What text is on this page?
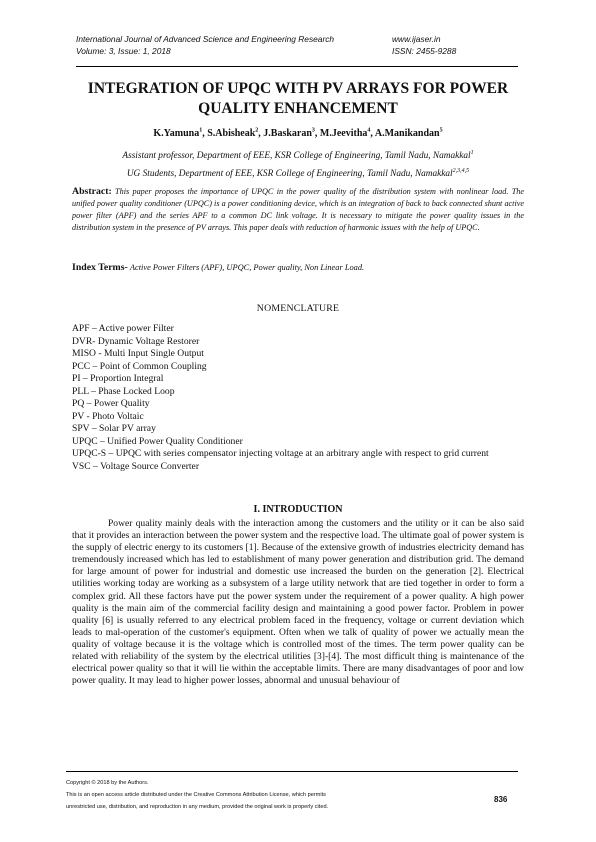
International Journal of Advanced Science and Engineering Research
Volume: 3, Issue: 1, 2018
www.ijaser.in
ISSN: 2455-9288
INTEGRATION OF UPQC WITH PV ARRAYS FOR POWER QUALITY ENHANCEMENT
K.Yamuna$^1$, S.Abisheak$^2$, J.Baskaran$^3$, M.Jeevitha$^4$, A.Manikandan$^5$
Assistant professor, Department of EEE, KSR College of Engineering, Tamil Nadu, Namakkal$^1$
UG Students, Department of EEE, KSR College of Engineering, Tamil Nadu, Namakkal$^{2,3,4,5}$
Abstract: This paper proposes the importance of UPQC in the power quality of the distribution system with nonlinear load. The unified power quality conditioner (UPQC) is a power conditioning device, which is an integration of back to back connected shunt active power filter (APF) and the series APF to a common DC link voltage. It is necessary to mitigate the power quality issues in the distribution system in the presence of PV arrays. This paper deals with reduction of harmonic issues with the help of UPQC.
Index Terms- Active Power Filters (APF), UPQC, Power quality, Non Linear Load.
NOMENCLATURE
APF – Active power Filter
DVR- Dynamic Voltage Restorer
MISO - Multi Input Single Output
PCC – Point of Common Coupling
PI – Proportion Integral
PLL – Phase Locked Loop
PQ – Power Quality
PV - Photo Voltaic
SPV – Solar PV array
UPQC – Unified Power Quality Conditioner
UPQC-S – UPQC with series compensator injecting voltage at an arbitrary angle with respect to grid current
VSC – Voltage Source Converter
I. INTRODUCTION
Power quality mainly deals with the interaction among the customers and the utility or it can be also said that it provides an interaction between the power system and the respective load. The ultimate goal of power system is the supply of electric energy to its customers [1]. Because of the extensive growth of industries electricity demand has tremendously increased which has led to establishment of many power generation and distribution grid. The demand for large amount of power for industrial and domestic use increased the burden on the generation [2]. Electrical utilities working today are working as a subsystem of a large utility network that are tied together in order to form a complex grid. All these factors have put the power system under the requirement of a power quality. A high power quality is the main aim of the commercial facility design and maintaining a good power factor. Problem in power quality [6] is usually referred to any electrical problem faced in the frequency, voltage or current deviation which leads to mal-operation of the customer's equipment. Often when we talk of quality of power we actually mean the quality of voltage because it is the voltage which is controlled most of the times. The term power quality can be related with reliability of the system by the electrical utilities [3]-[4]. The most difficult thing is maintenance of the electrical power quality so that it will lie within the acceptable limits. There are many disadvantages of poor and low power quality. It may lead to higher power losses, abnormal and unusual behaviour of
Copyright © 2018 by the Authors.
This is an open access article distributed under the Creative Commons Attribution License, which permits
unrestricted use, distribution, and reproduction in any medium, provided the original work is properly cited.
836
